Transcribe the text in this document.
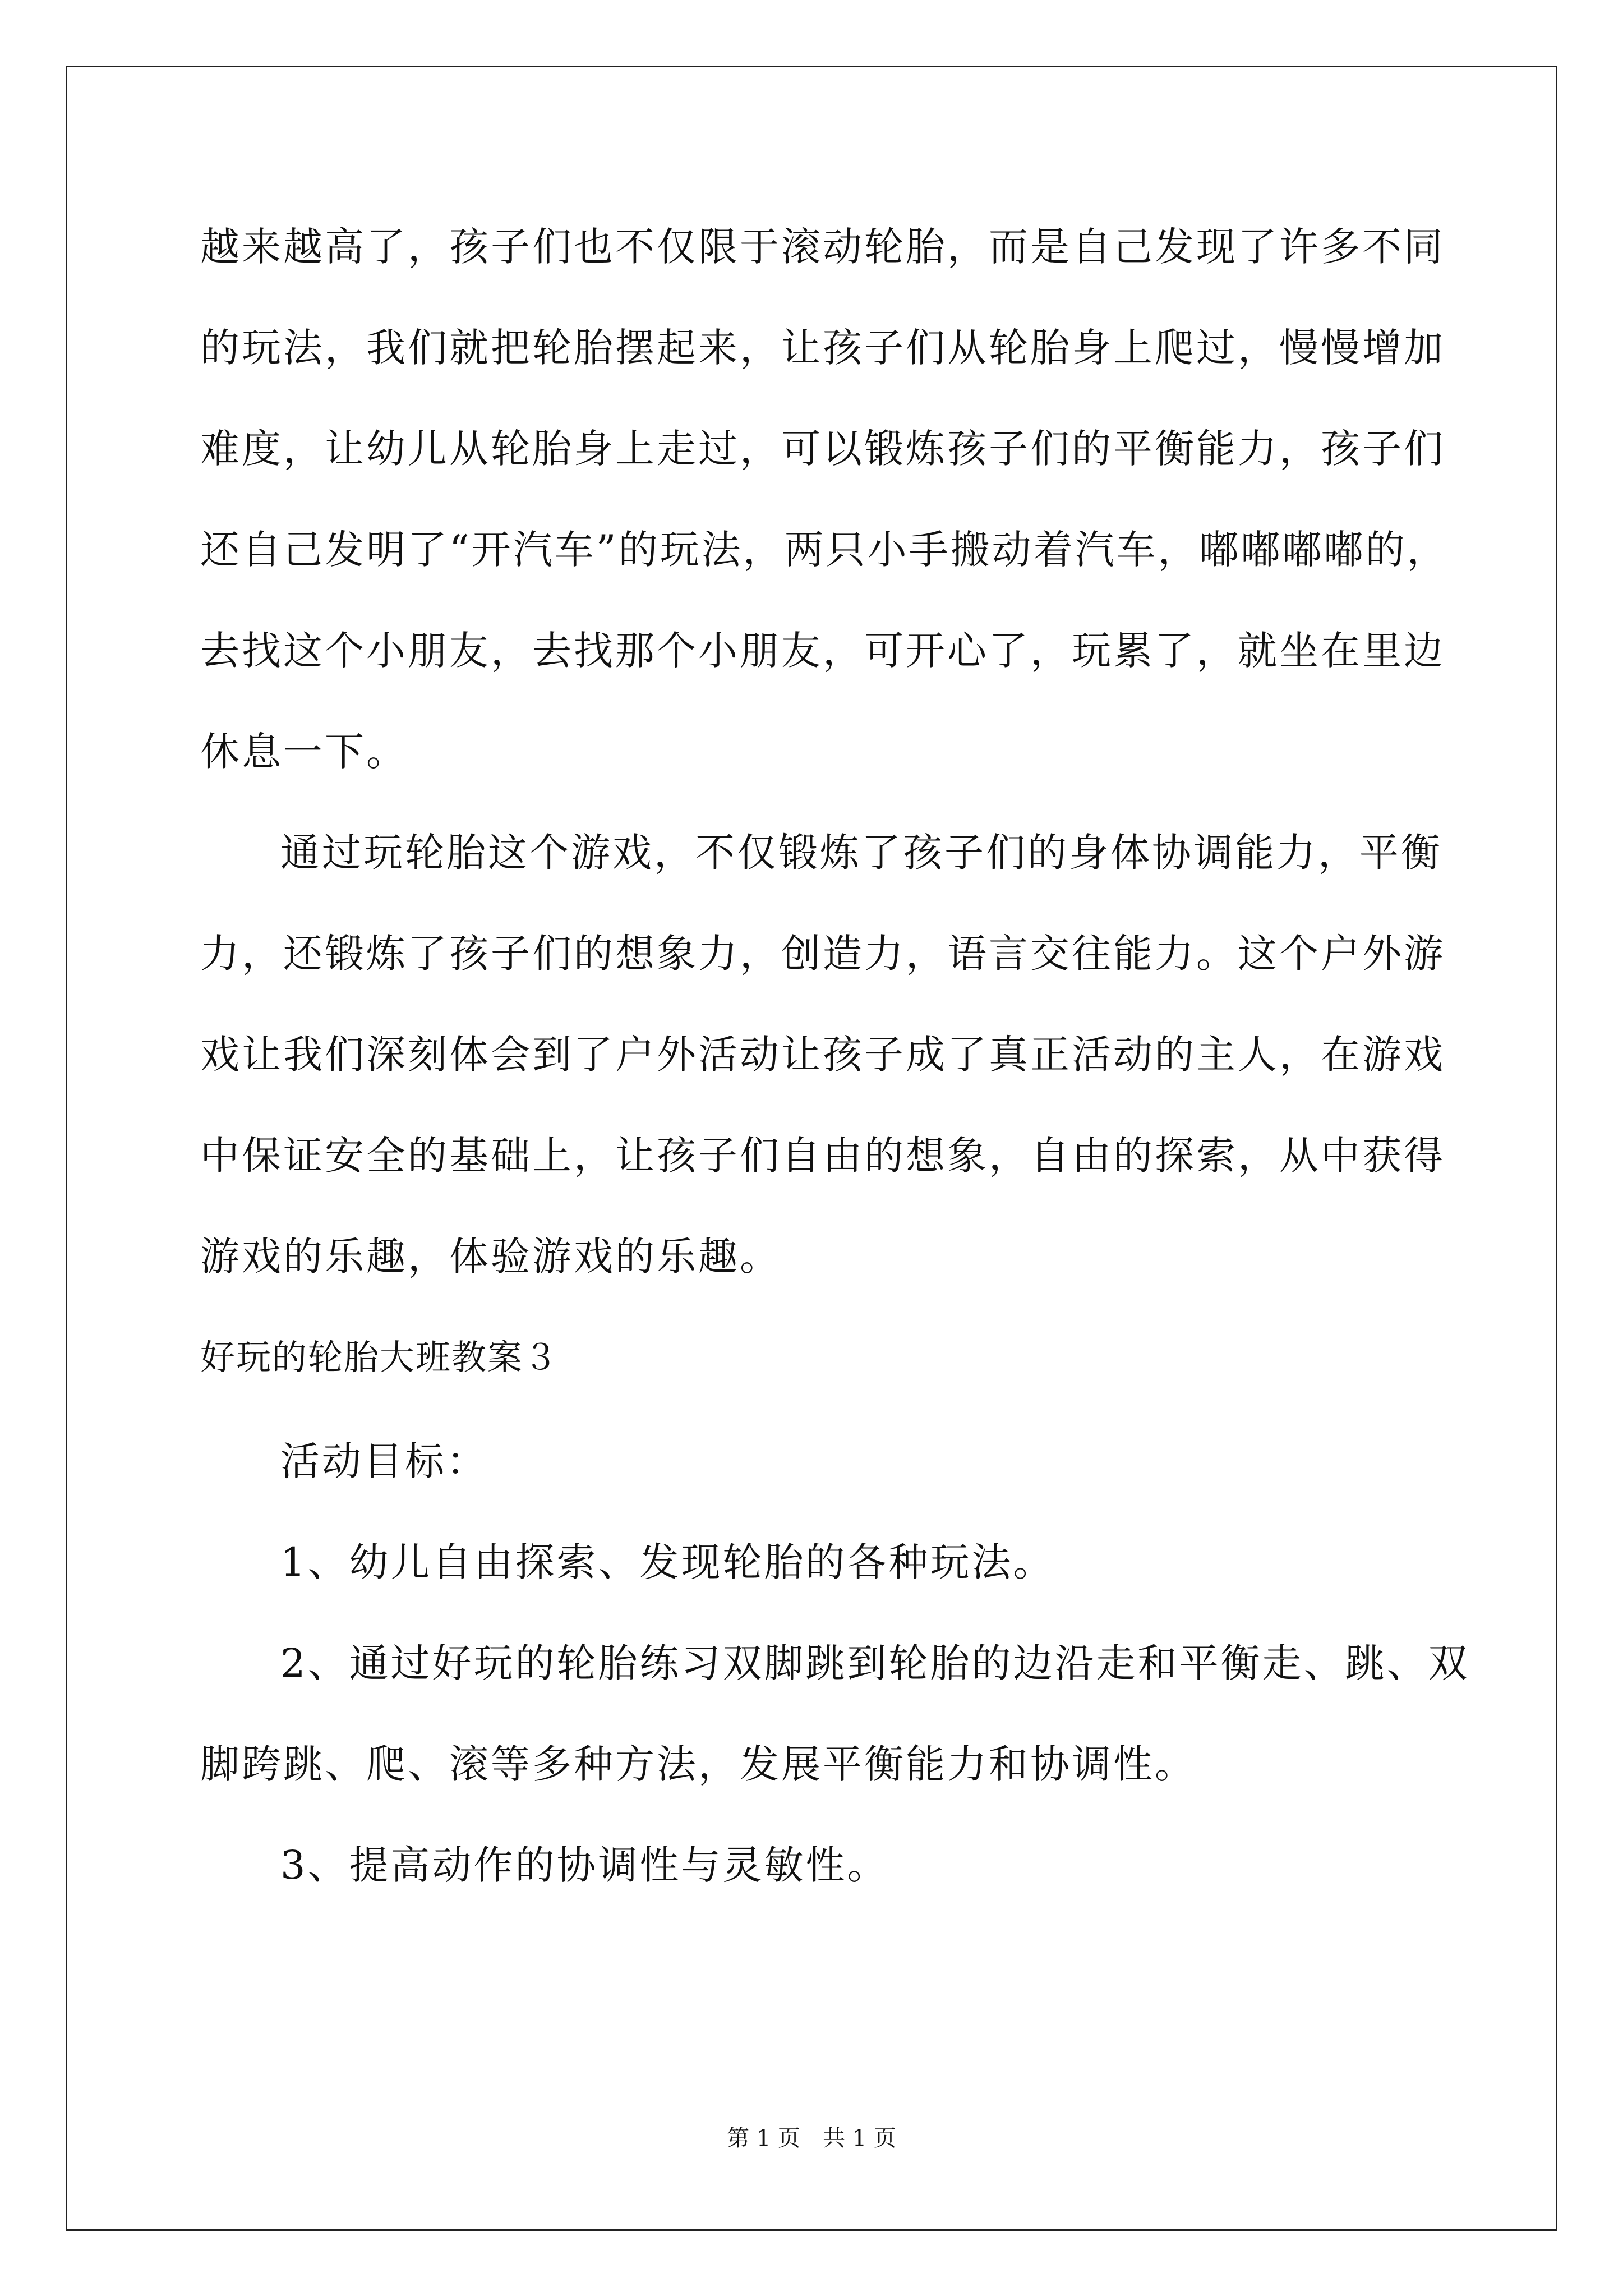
越来越高了，孩子们也不仅限于滚动轮胎，而是自己发现了许多不同
的玩法，我们就把轮胎摆起来，让孩子们从轮胎身上爬过，慢慢增加
难度，让幼儿从轮胎身上走过，可以锻炼孩子们的平衡能力，孩子们
还自己发明了“开汽车”的玩法，两只小手搬动着汽车，嘟嘟嘟嘟的，
去找这个小朋友，去找那个小朋友，可开心了，玩累了，就坐在里边
休息一下。
通过玩轮胎这个游戏，不仅锻炼了孩子们的身体协调能力，平衡
力，还锻炼了孩子们的想象力，创造力，语言交往能力。这个户外游
戏让我们深刻体会到了户外活动让孩子成了真正活动的主人，在游戏
中保证安全的基础上，让孩子们自由的想象，自由的探索，从中获得
游戏的乐趣，体验游戏的乐趣。
好玩的轮胎大班教案３
活动目标：
1、幼儿自由探索、发现轮胎的各种玩法。
2、通过好玩的轮胎练习双脚跳到轮胎的边沿走和平衡走、跳、双
脚跨跳、爬、滚等多种方法，发展平衡能力和协调性。
3、提高动作的协调性与灵敏性。
第 1 页　共 1 页
